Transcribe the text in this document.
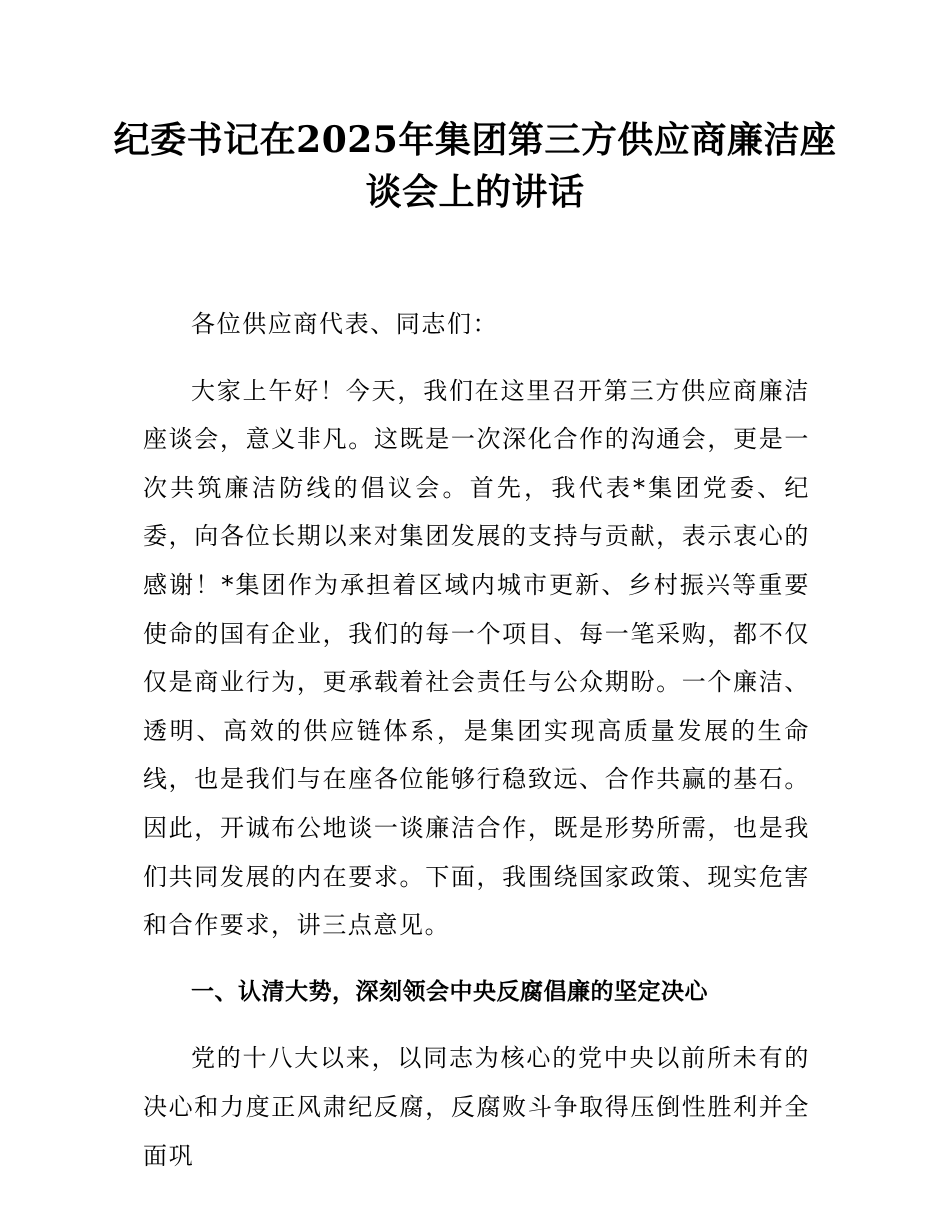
纪委书记在2025年集团第三方供应商廉洁座
谈会上的讲话

各位供应商代表、同志们：

大家上午好！今天，我们在这里召开第三方供应商廉洁座谈会，意义非凡。这既是一次深化合作的沟通会，更是一次共筑廉洁防线的倡议会。首先，我代表*集团党委、纪委，向各位长期以来对集团发展的支持与贡献，表示衷心的感谢！*集团作为承担着区域内城市更新、乡村振兴等重要使命的国有企业，我们的每一个项目、每一笔采购，都不仅仅是商业行为，更承载着社会责任与公众期盼。一个廉洁、透明、高效的供应链体系，是集团实现高质量发展的生命线，也是我们与在座各位能够行稳致远、合作共赢的基石。因此，开诚布公地谈一谈廉洁合作，既是形势所需，也是我们共同发展的内在要求。下面，我围绕国家政策、现实危害和合作要求，讲三点意见。

一、认清大势，深刻领会中央反腐倡廉的坚定决心

党的十八大以来，以同志为核心的党中央以前所未有的决心和力度正风肃纪反腐，反腐败斗争取得压倒性胜利并全面巩
